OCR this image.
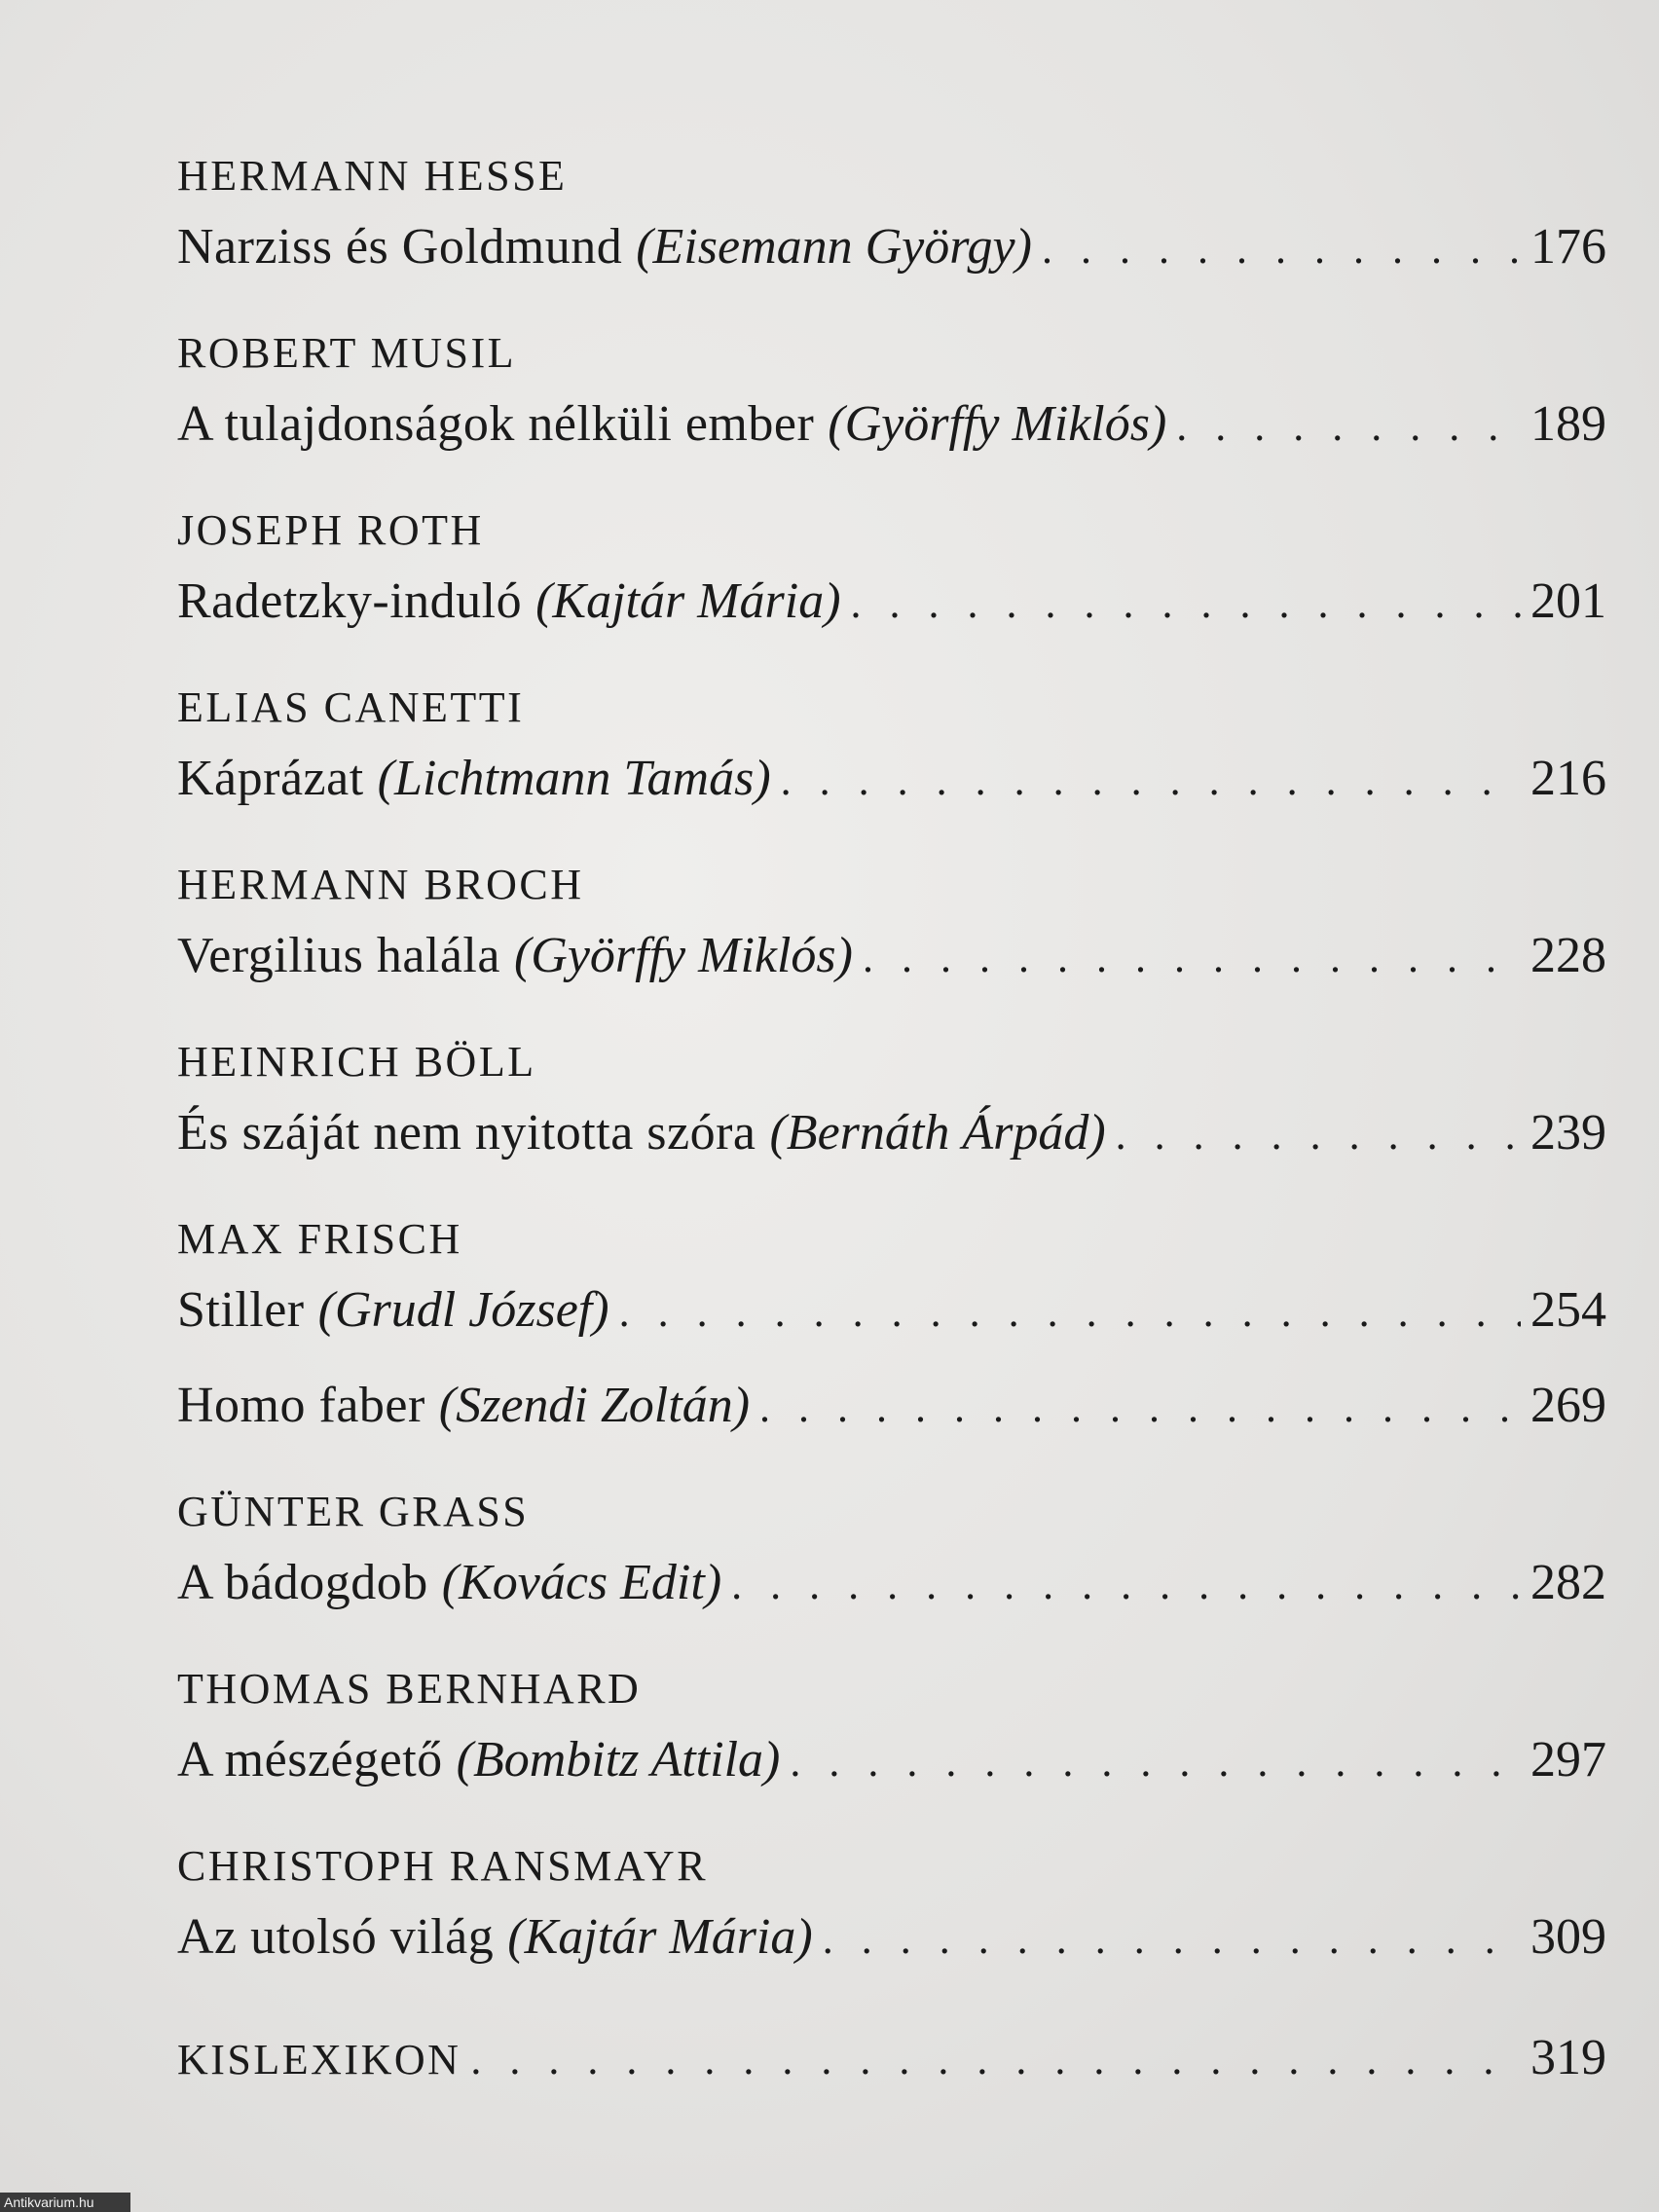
HERMANN HESSE
Narziss és Goldmund (Eisemann György) . . .	176
ROBERT MUSIL
A tulajdonságok nélküli ember (Györffy Miklós) . . .	189
JOSEPH ROTH
Radetzky-induló (Kajtár Mária) . . .	201
ELIAS CANETTI
Káprázat (Lichtmann Tamás) . . .	216
HERMANN BROCH
Vergilius halála (Györffy Miklós) . . .	228
HEINRICH BÖLL
És száját nem nyitotta szóra (Bernáth Árpád) . . .	239
MAX FRISCH
Stiller (Grudl József) . . .	254
Homo faber (Szendi Zoltán) . . .	269
GÜNTER GRASS
A bádogdob (Kovács Edit) . . .	282
THOMAS BERNHARD
A mészégető (Bombitz Attila) . . .	297
CHRISTOPH RANSMAYR
Az utolsó világ (Kajtár Mária) . . .	309
KISLEXIKON . . .	319
Antikvarium.hu
